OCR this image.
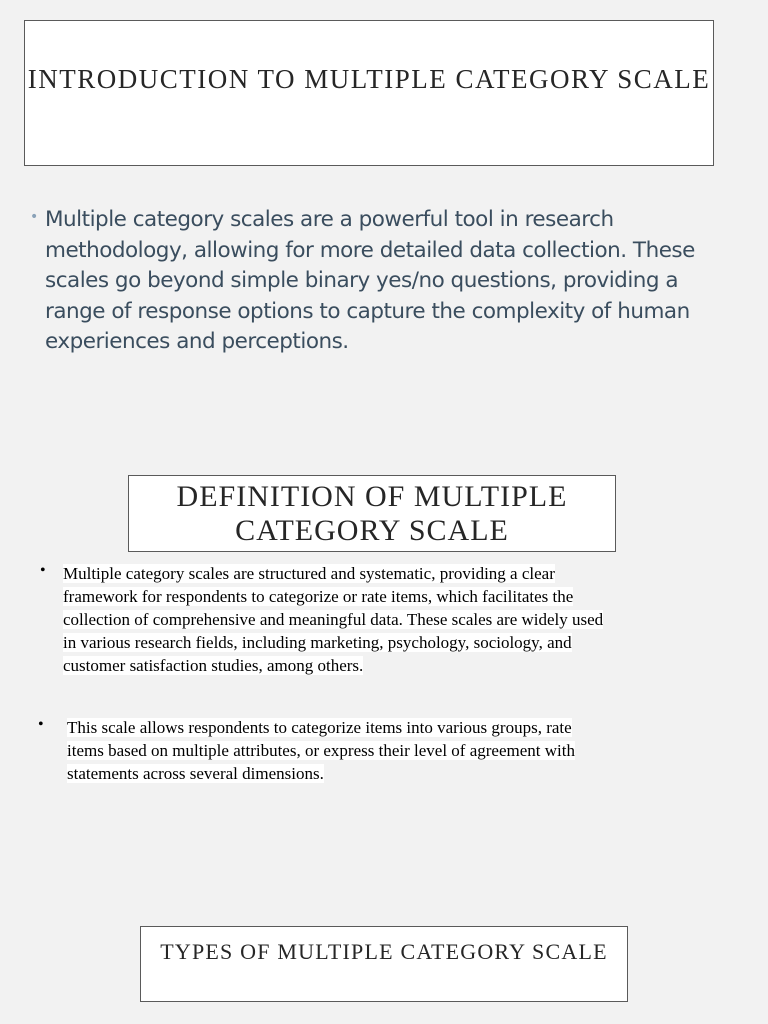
INTRODUCTION TO MULTIPLE CATEGORY SCALE
• Multiple category scales are a powerful tool in research methodology, allowing for more detailed data collection. These scales go beyond simple binary yes/no questions, providing a range of response options to capture the complexity of human experiences and perceptions.
DEFINITION OF MULTIPLE CATEGORY SCALE
• Multiple category scales are structured and systematic, providing a clear framework for respondents to categorize or rate items, which facilitates the collection of comprehensive and meaningful data. These scales are widely used in various research fields, including marketing, psychology, sociology, and customer satisfaction studies, among others.
• This scale allows respondents to categorize items into various groups, rate items based on multiple attributes, or express their level of agreement with statements across several dimensions.
TYPES OF MULTIPLE CATEGORY SCALE
